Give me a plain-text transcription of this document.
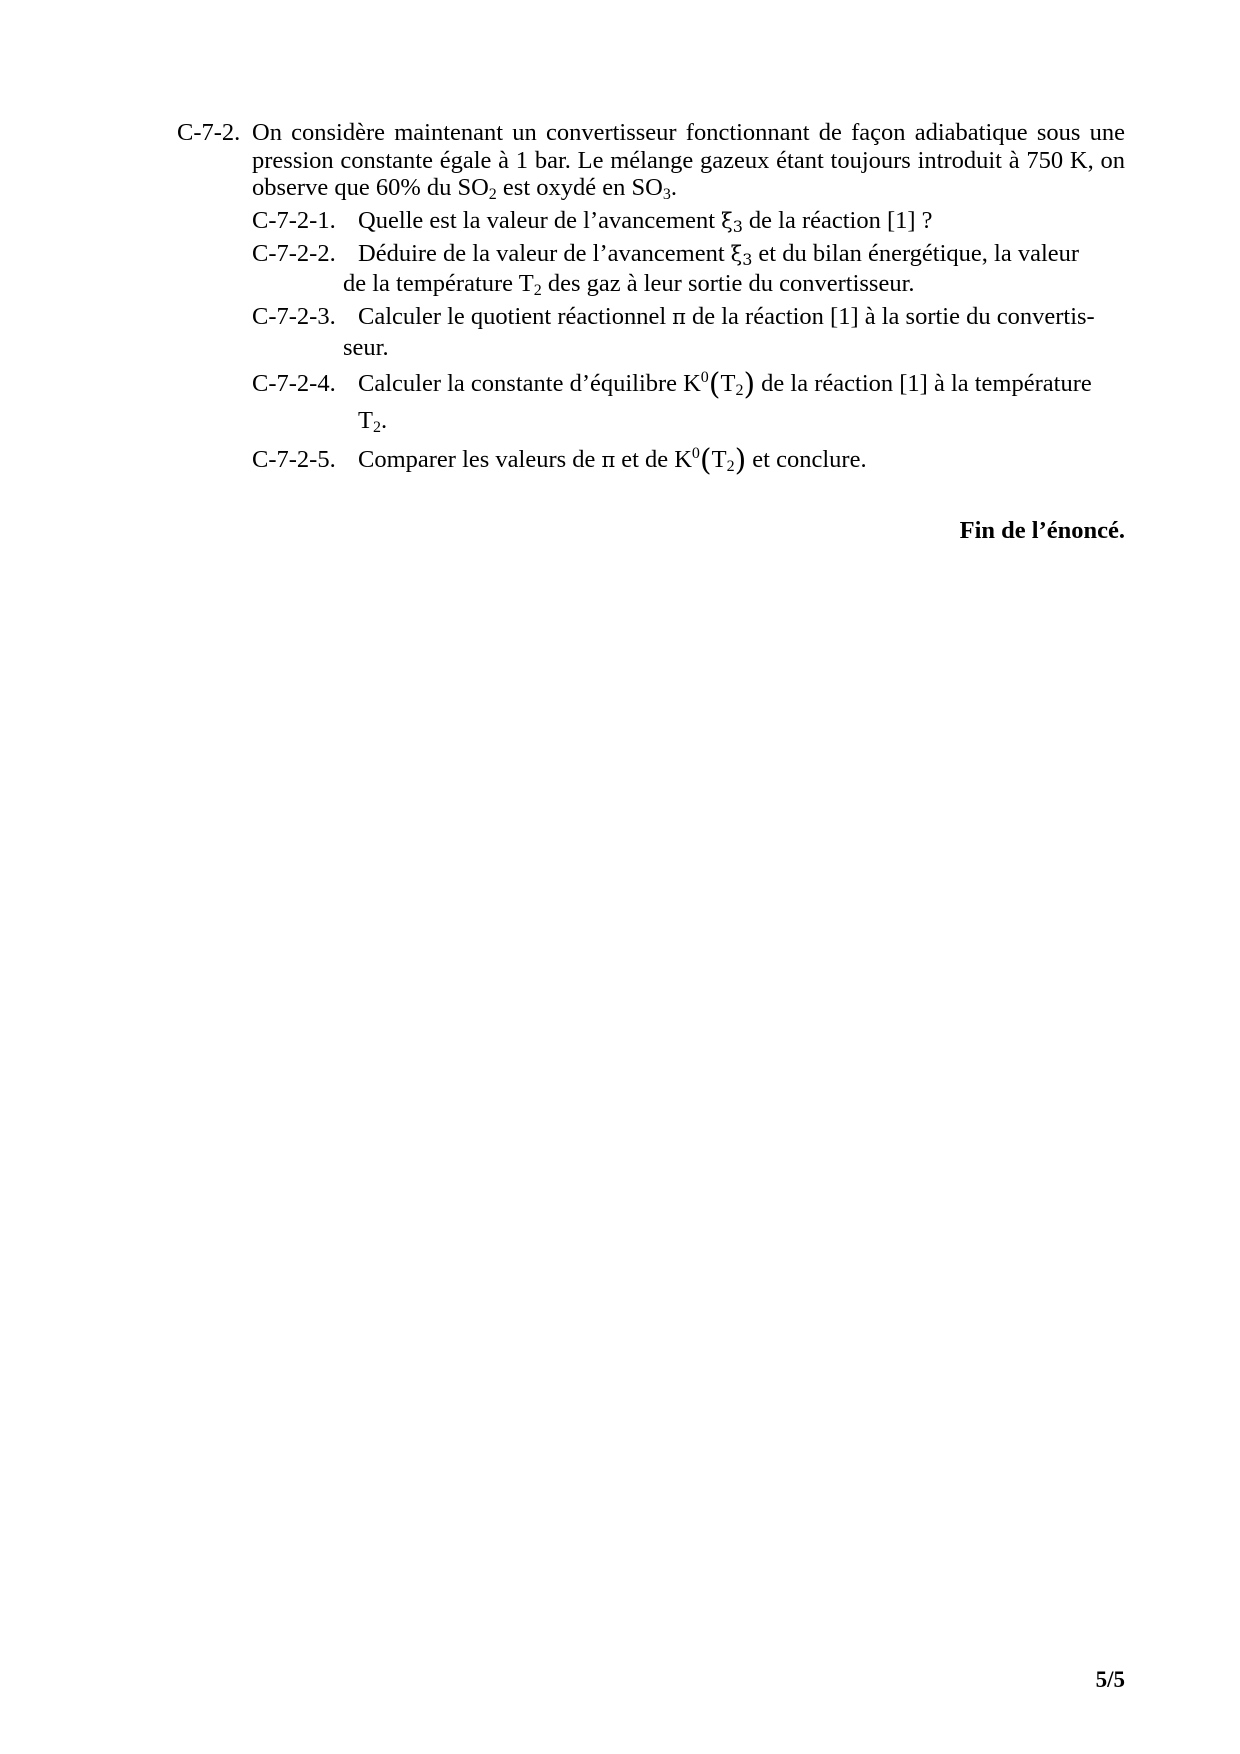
C-7-2. On considère maintenant un convertisseur fonctionnant de façon adiabatique sous une pression constante égale à 1 bar. Le mélange gazeux étant toujours introduit à 750 K, on observe que 60% du $SO_2$ est oxydé en $SO_3$.
C-7-2-1. Quelle est la valeur de l’avancement $\xi_3$ de la réaction [1] ?
C-7-2-2. Déduire de la valeur de l’avancement $\xi_3$ et du bilan énergétique, la valeur
de la température $T_2$ des gaz à leur sortie du convertisseur.
C-7-2-3. Calculer le quotient réactionnel π de la réaction [1] à la sortie du convertis-
seur.
C-7-2-4. Calculer la constante d’équilibre $K^0(T_2)$ de la réaction [1] à la température
$T_2$.
C-7-2-5. Comparer les valeurs de π et de $K^0(T_2)$ et conclure.
Fin de l’énoncé.
5/5
